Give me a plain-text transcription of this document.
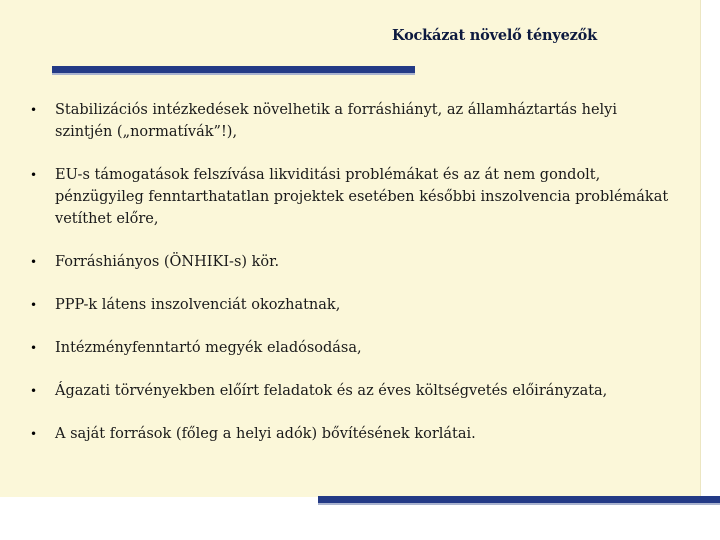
Kockázat növelő tényezők
• Stabilizációs intézkedések növelhetik a forráshiányt, az államháztartás helyi szintjén („normatívák”!),
• EU-s támogatások felszívása likviditási problémákat és az át nem gondolt, pénzügyileg fenntarthatatlan projektek esetében későbbi inszolvencia problémákat vetíthet előre,
• Forráshiányos (ÖNHIKI-s) kör.
• PPP-k látens inszolvenciát okozhatnak,
• Intézményfenntartó megyék eladósodása,
• Ágazati törvényekben előírt feladatok és az éves költségvetés előirányzata,
• A saját források (főleg a helyi adók) bővítésének korlátai.
